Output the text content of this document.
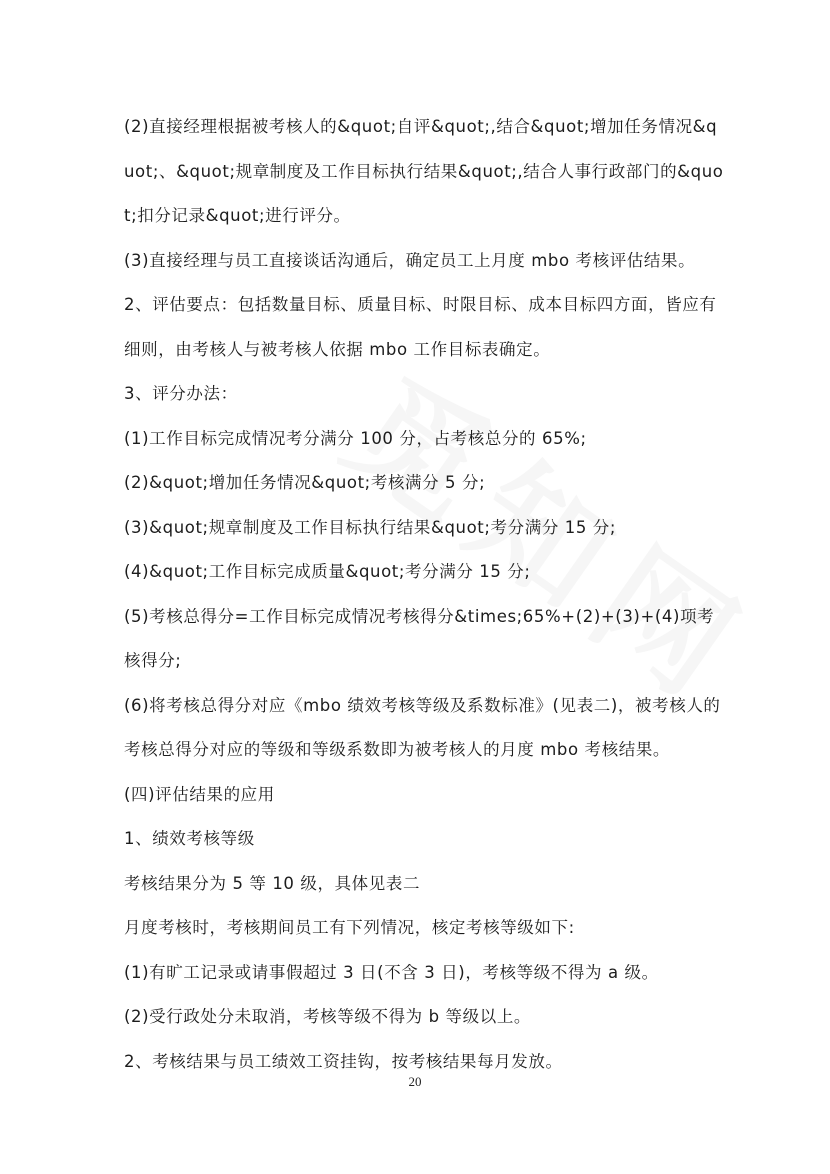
(2)直接经理根据被考核人的&quot;自评&quot;,结合&quot;增加任务情况&quot;、&quot;规章制度及工作目标执行结果&quot;,结合人事行政部门的&quot;扣分记录&quot;进行评分。

(3)直接经理与员工直接谈话沟通后，确定员工上月度 mbo 考核评估结果。

2、评估要点：包括数量目标、质量目标、时限目标、成本目标四方面，皆应有细则，由考核人与被考核人依据 mbo 工作目标表确定。

3、评分办法：

(1)工作目标完成情况考分满分 100 分，占考核总分的 65%;

(2)&quot;增加任务情况&quot;考核满分 5 分;

(3)&quot;规章制度及工作目标执行结果&quot;考分满分 15 分;

(4)&quot;工作目标完成质量&quot;考分满分 15 分;

(5)考核总得分=工作目标完成情况考核得分&times;65%+(2)+(3)+(4)项考核得分;

(6)将考核总得分对应《mbo 绩效考核等级及系数标准》(见表二)，被考核人的考核总得分对应的等级和等级系数即为被考核人的月度 mbo 考核结果。

(四)评估结果的应用

1、绩效考核等级

考核结果分为 5 等 10 级，具体见表二

月度考核时，考核期间员工有下列情况，核定考核等级如下:

(1)有旷工记录或请事假超过 3 日(不含 3 日)，考核等级不得为 a 级。

(2)受行政处分未取消，考核等级不得为 b 等级以上。

2、考核结果与员工绩效工资挂钩，按考核结果每月发放。

20
